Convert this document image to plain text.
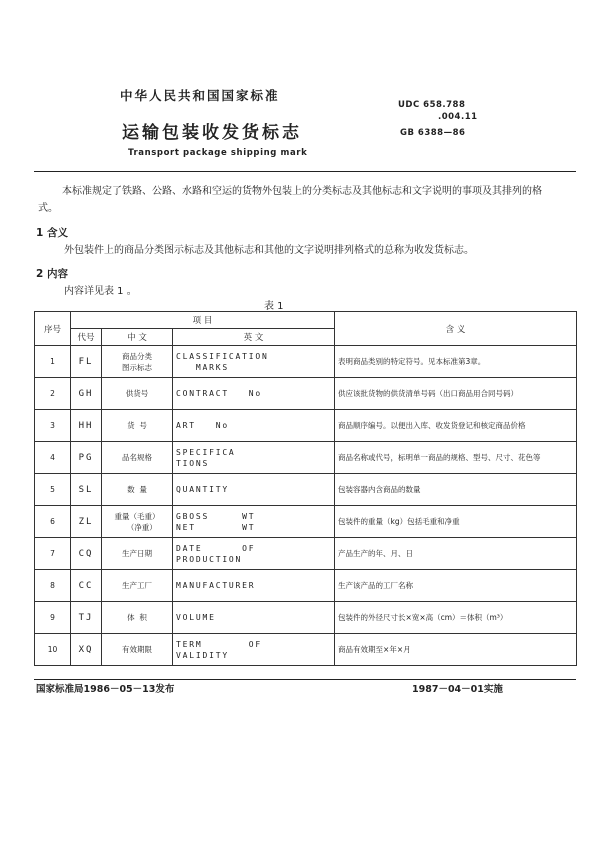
中华人民共和国国家标准
UDC 658.788
.004.11
运输包装收发货标志	GB 6388—86
Transport package shipping mark
本标准规定了铁路、公路、水路和空运的货物外包装上的分类标志及其他标志和文字说明的事项及其排列的格式。
1 含义
外包装件上的商品分类图示标志及其他标志和其他的文字说明排列格式的总称为收发货标志。
2 内容
内容详见表 1 。
表 1
序号	项 目			含 义
	代号	中 文	英 文	
1	FL	商品分类
图示标志	CLASSIFICATION
MARKS	表明商品类别的特定符号。见本标准第3章。
2	GH	供货号	CONTRACT   No	供应该批货物的供货清单号码（出口商品用合同号码）
3	HH	货  号	ART   No	商品顺序编号。以便出入库、收发货登记和核定商品价格
4	PG	品名规格	SPECIFICA
TIONS	商品名称或代号，标明单一商品的规格、型号、尺寸、花色等
5	SL	数  量	QUANTITY	包装容器内含商品的数量
6	ZL	重量（毛重）
（净重）	GBOSS     WT
NET       WT	包装件的重量（kg）包括毛重和净重
7	CQ	生产日期	DATE      OF
PRODUCTION	产品生产的年、月、日
8	CC	生产工厂	MANUFACTURER	生产该产品的工厂名称
9	TJ	体  积	VOLUME	包装件的外径尺寸长×宽×高（cm）＝体积（m³）
10	XQ	有效期限	TERM       OF
VALIDITY	商品有效期至×年×月
国家标准局1986－05－13发布	1987－04－01实施
